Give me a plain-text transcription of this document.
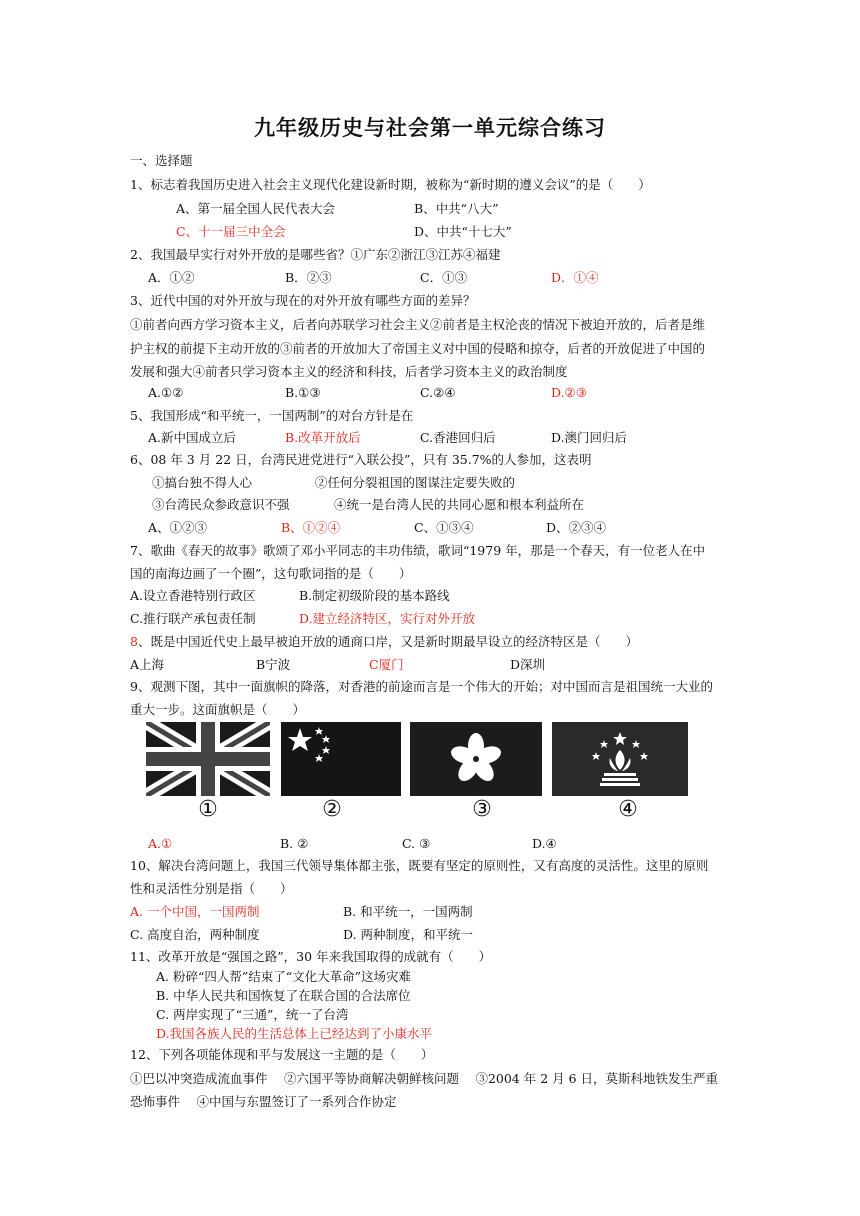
九年级历史与社会第一单元综合练习
一、选择题
1、标志着我国历史进入社会主义现代化建设新时期，被称为“新时期的遵义会议”的是（　　）
A、第一届全国人民代表大会	B、中共“八大”
C、十一届三中全会	D、中共“十七大”
2、我国最早实行对外开放的是哪些省？①广东②浙江③江苏④福建
A．①②	B．②③	C．①③	D．①④
3、近代中国的对外开放与现在的对外开放有哪些方面的差异？
①前者向西方学习资本主义，后者向苏联学习社会主义②前者是主权沦丧的情况下被迫开放的，后者是维
护主权的前提下主动开放的③前者的开放加大了帝国主义对中国的侵略和掠夺，后者的开放促进了中国的
发展和强大④前者只学习资本主义的经济和科技，后者学习资本主义的政治制度
A.①②	B.①③	C.②④	D.②③
5、我国形成“和平统一，一国两制”的对台方针是在
A.新中国成立后	B.改革开放后	C.香港回归后	D.澳门回归后
6、08 年 3 月 22 日，台湾民进党进行“入联公投”，只有 35.7%的人参加，这表明
①搞台独不得人心	②任何分裂祖国的图谋注定要失败的
③台湾民众参政意识不强	④统一是台湾人民的共同心愿和根本利益所在
A、①②③	B、①②④	C、①③④	D、②③④
7、歌曲《春天的故事》歌颂了邓小平同志的丰功伟绩，歌词“1979 年，那是一个春天，有一位老人在中
国的南海边画了一个圈”，这句歌词指的是（　　）
A.设立香港特别行政区	B.制定初级阶段的基本路线
C.推行联产承包责任制	D.建立经济特区，实行对外开放
8、既是中国近代史上最早被迫开放的通商口岸，又是新时期最早设立的经济特区是（　　）
A上海	B宁波	C厦门	D深圳
9、观测下图，其中一面旗帜的降落，对香港的前途而言是一个伟大的开始；对中国而言是祖国统一大业的
重大一步。这面旗帜是（　　）
①	②	③	④
A.①	B. ②	C. ③	D.④
10、解决台湾问题上，我国三代领导集体都主张，既要有坚定的原则性，又有高度的灵活性。这里的原则
性和灵活性分别是指（　　）
A. 一个中国，一国两制	B. 和平统一，一国两制
C. 高度自治，两种制度	D. 两种制度，和平统一
11、改革开放是“强国之路”，30 年来我国取得的成就有（　　）
A. 粉碎“四人帮”结束了“文化大革命”这场灾难
B. 中华人民共和国恢复了在联合国的合法席位
C. 两岸实现了“三通”，统一了台湾
D.我国各族人民的生活总体上已经达到了小康水平
12、下列各项能体现和平与发展这一主题的是（　　）
①巴以冲突造成流血事件　 ②六国平等协商解决朝鲜核问题　 ③2004 年 2 月 6 日，莫斯科地铁发生严重
恐怖事件　 ④中国与东盟签订了一系列合作协定
